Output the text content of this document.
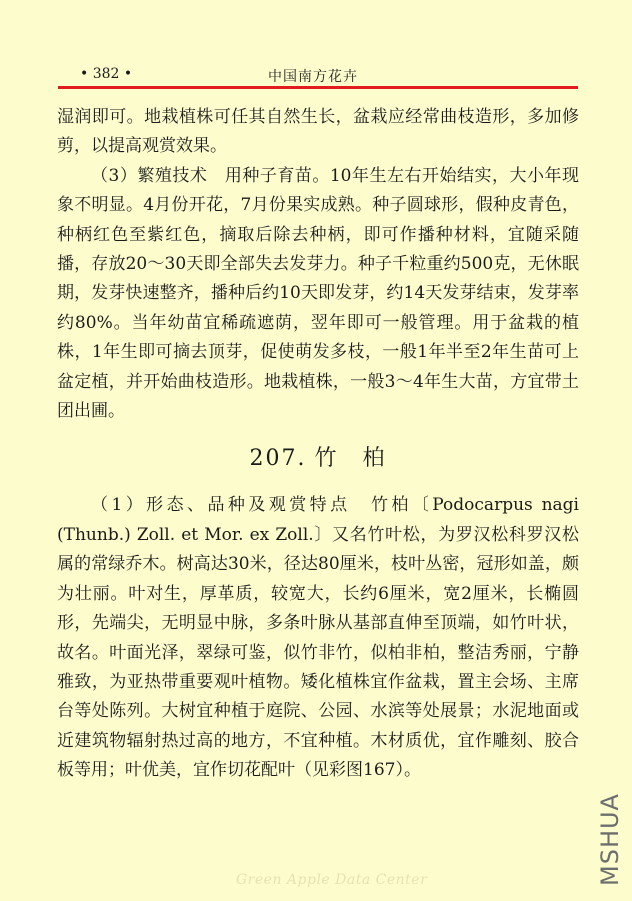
• 382 •	中国南方花卉

湿润即可。地栽植株可任其自然生长，盆栽应经常曲枝造形，多加修剪，以提高观赏效果。

（3）繁殖技术　用种子育苗。10年生左右开始结实，大小年现象不明显。4月份开花，7月份果实成熟。种子圆球形，假种皮青色，种柄红色至紫红色，摘取后除去种柄，即可作播种材料，宜随采随播，存放20～30天即全部失去发芽力。种子千粒重约500克，无休眠期，发芽快速整齐，播种后约10天即发芽，约14天发芽结束，发芽率约80%。当年幼苗宜稀疏遮荫，翌年即可一般管理。用于盆栽的植株，1年生即可摘去顶芽，促使萌发多枝，一般1年半至2年生苗可上盆定植，并开始曲枝造形。地栽植株，一般3～4年生大苗，方宜带土团出圃。

207. 竹　柏

（1）形态、品种及观赏特点　竹柏〔Podocarpus nagi (Thunb.) Zoll. et Mor. ex Zoll.〕又名竹叶松，为罗汉松科罗汉松属的常绿乔木。树高达30米，径达80厘米，枝叶丛密，冠形如盖，颇为壮丽。叶对生，厚革质，较宽大，长约6厘米，宽2厘米，长椭圆形，先端尖，无明显中脉，多条叶脉从基部直伸至顶端，如竹叶状，故名。叶面光泽，翠绿可鉴，似竹非竹，似柏非柏，整洁秀丽，宁静雅致，为亚热带重要观叶植物。矮化植株宜作盆栽，置主会场、主席台等处陈列。大树宜种植于庭院、公园、水滨等处展景；水泥地面或近建筑物辐射热过高的地方，不宜种植。木材质优，宜作雕刻、胶合板等用；叶优美，宜作切花配叶（见彩图167）。

Green Apple Data Center	MSHUA
